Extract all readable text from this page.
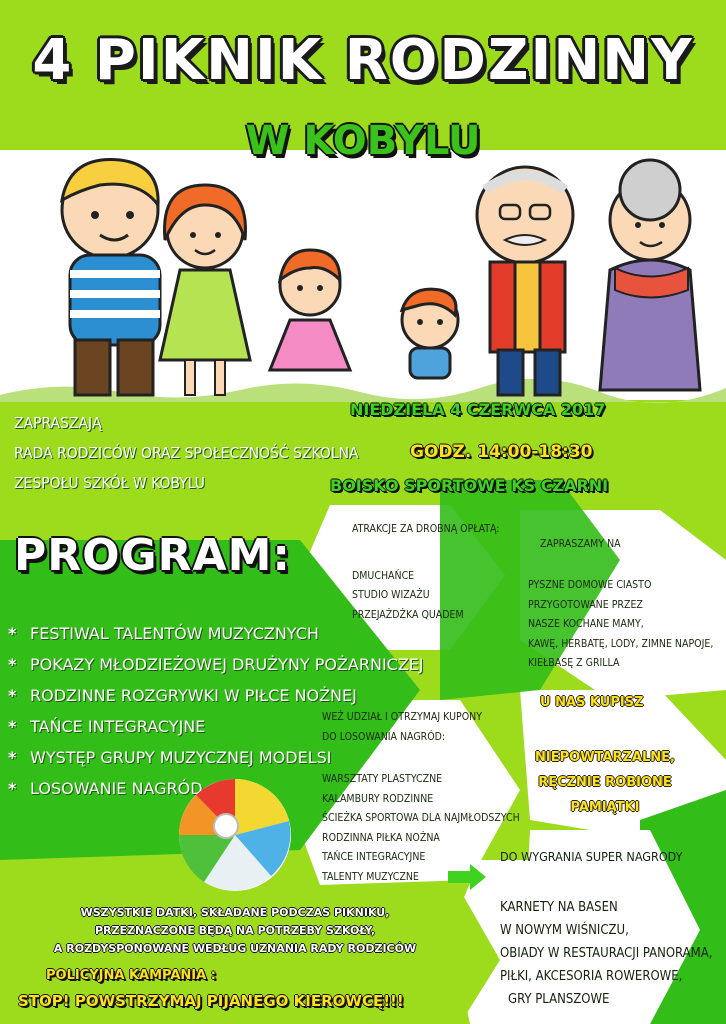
4 PIKNIK RODZINNY
W KOBYLU
ZAPRASZAJĄ
RADA RODZICÓW ORAZ SPOŁECZNOŚĆ SZKOLNA
ZESPOŁU SZKÓŁ W KOBYLU
NIEDZIELA 4 CZERWCA 2017
GODZ. 14:00-18:30
BOISKO SPORTOWE KS CZARNI
PROGRAM:
* FESTIWAL TALENTÓW MUZYCZNYCH
* POKAZY MŁODZIEŻOWEJ DRUŻYNY POŻARNICZEJ
* RODZINNE ROZGRYWKI W PIŁCE NOŻNEJ
* TAŃCE INTEGRACYJNE
* WYSTĘP GRUPY MUZYCZNEJ MODELSI
* LOSOWANIE NAGRÓD
ATRAKCJE ZA DROBNĄ OPŁATĄ:
DMUCHAŃCE
STUDIO WIZAŻU
PRZEJAŻDŻKA QUADEM
ZAPRASZAMY NA
PYSZNE DOMOWE CIASTO
PRZYGOTOWANE PRZEZ
NASZE KOCHANE MAMY,
KAWĘ, HERBATĘ, LODY, ZIMNE NAPOJE,
KIEŁBASĘ Z GRILLA
U NAS KUPISZ
NIEPOWTARZALNE,
RĘCZNIE ROBIONE
PAMIĄTKI
WEŹ UDZIAŁ I OTRZYMAJ KUPONY
DO LOSOWANIA NAGRÓD:
WARSZTATY PLASTYCZNE
KALAMBURY RODZINNE
ŚCIEŻKA SPORTOWA DLA NAJMŁODSZYCH
RODZINNA PIŁKA NOŻNA
TAŃCE INTEGRACYJNE
TALENTY MUZYCZNE
DO WYGRANIA SUPER NAGRODY
KARNETY NA BASEN
W NOWYM WIŚNICZU,
OBIADY W RESTAURACJI PANORAMA,
PIŁKI, AKCESORIA ROWEROWE,
GRY PLANSZOWE
WSZYSTKIE DATKI, SKŁADANE PODCZAS PIKNIKU,
PRZEZNACZONE BĘDĄ NA POTRZEBY SZKOŁY,
A ROZDYSPONOWANE WEDŁUG UZNANIA RADY RODZICÓW
POLICYJNA KAMPANIA :
STOP! POWSTRZYMAJ PIJANEGO KIEROWCĘ!!!
